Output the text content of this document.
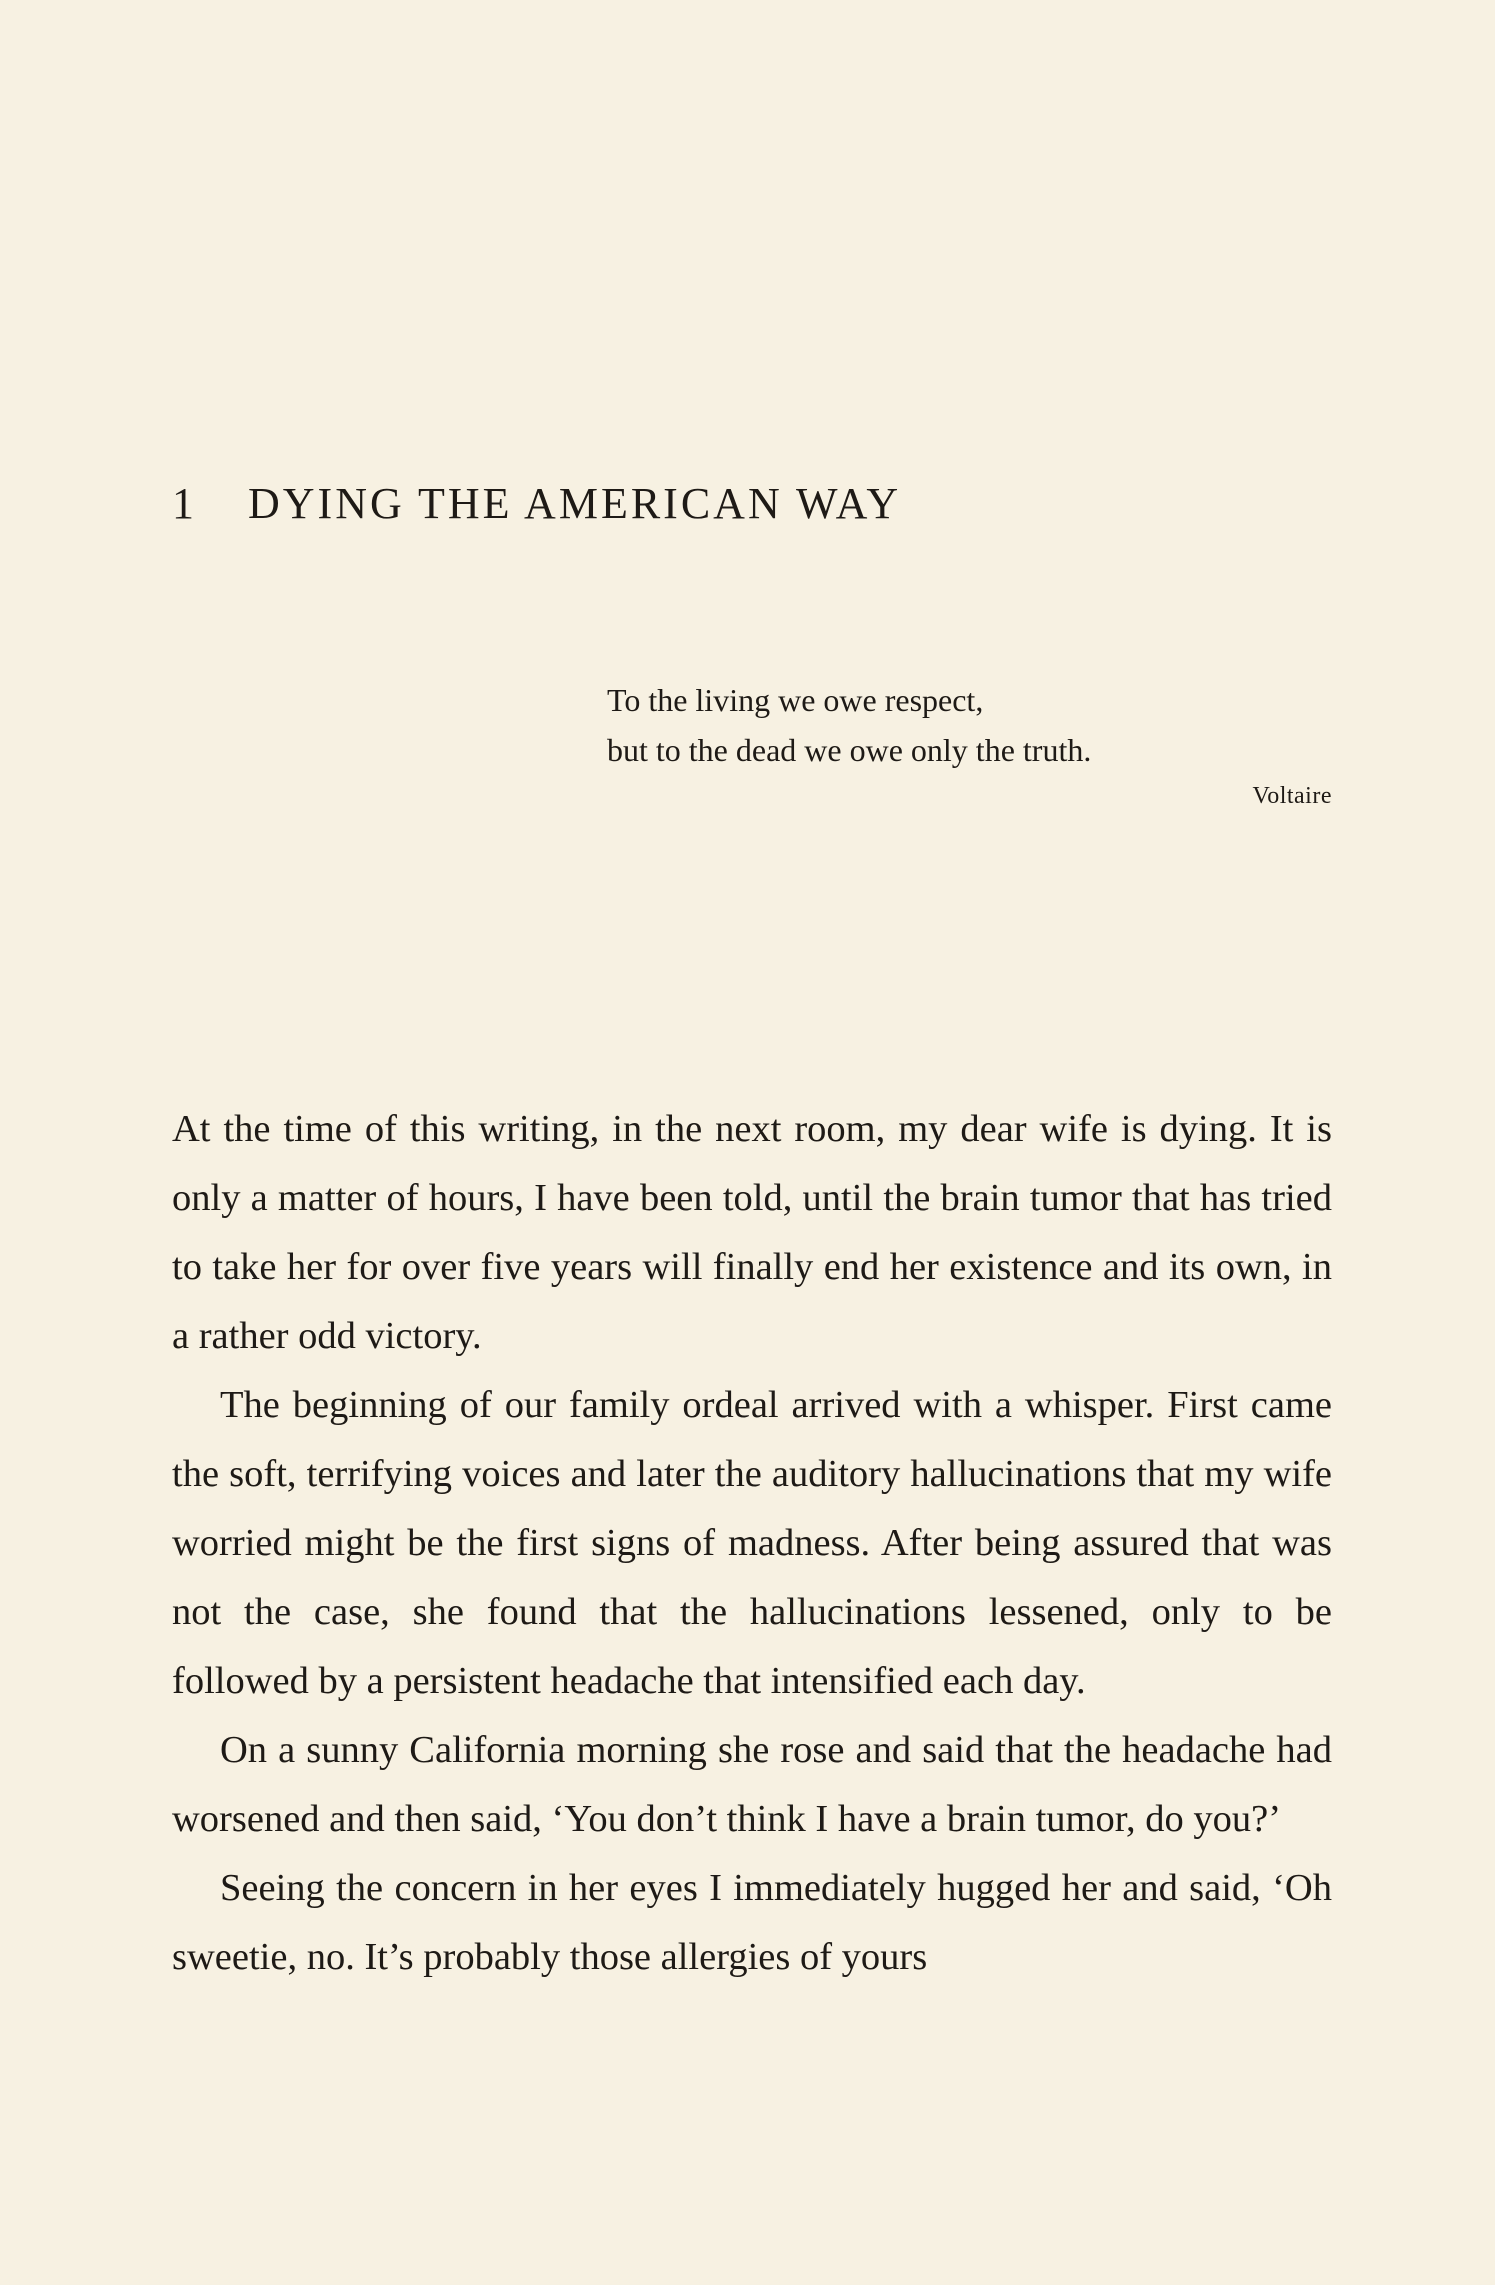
1 DYING THE AMERICAN WAY
To the living we owe respect,
but to the dead we owe only the truth.
Voltaire

At the time of this writing, in the next room, my dear wife is dying. It is only a matter of hours, I have been told, until the brain tumor that has tried to take her for over five years will finally end her existence and its own, in a rather odd victory.

The beginning of our family ordeal arrived with a whisper. First came the soft, terrifying voices and later the auditory hallucinations that my wife worried might be the first signs of madness. After being assured that was not the case, she found that the hallucinations lessened, only to be followed by a persistent headache that intensified each day.

On a sunny California morning she rose and said that the headache had worsened and then said, ‘You don’t think I have a brain tumor, do you?’

Seeing the concern in her eyes I immediately hugged her and said, ‘Oh sweetie, no. It’s probably those allergies of yours
